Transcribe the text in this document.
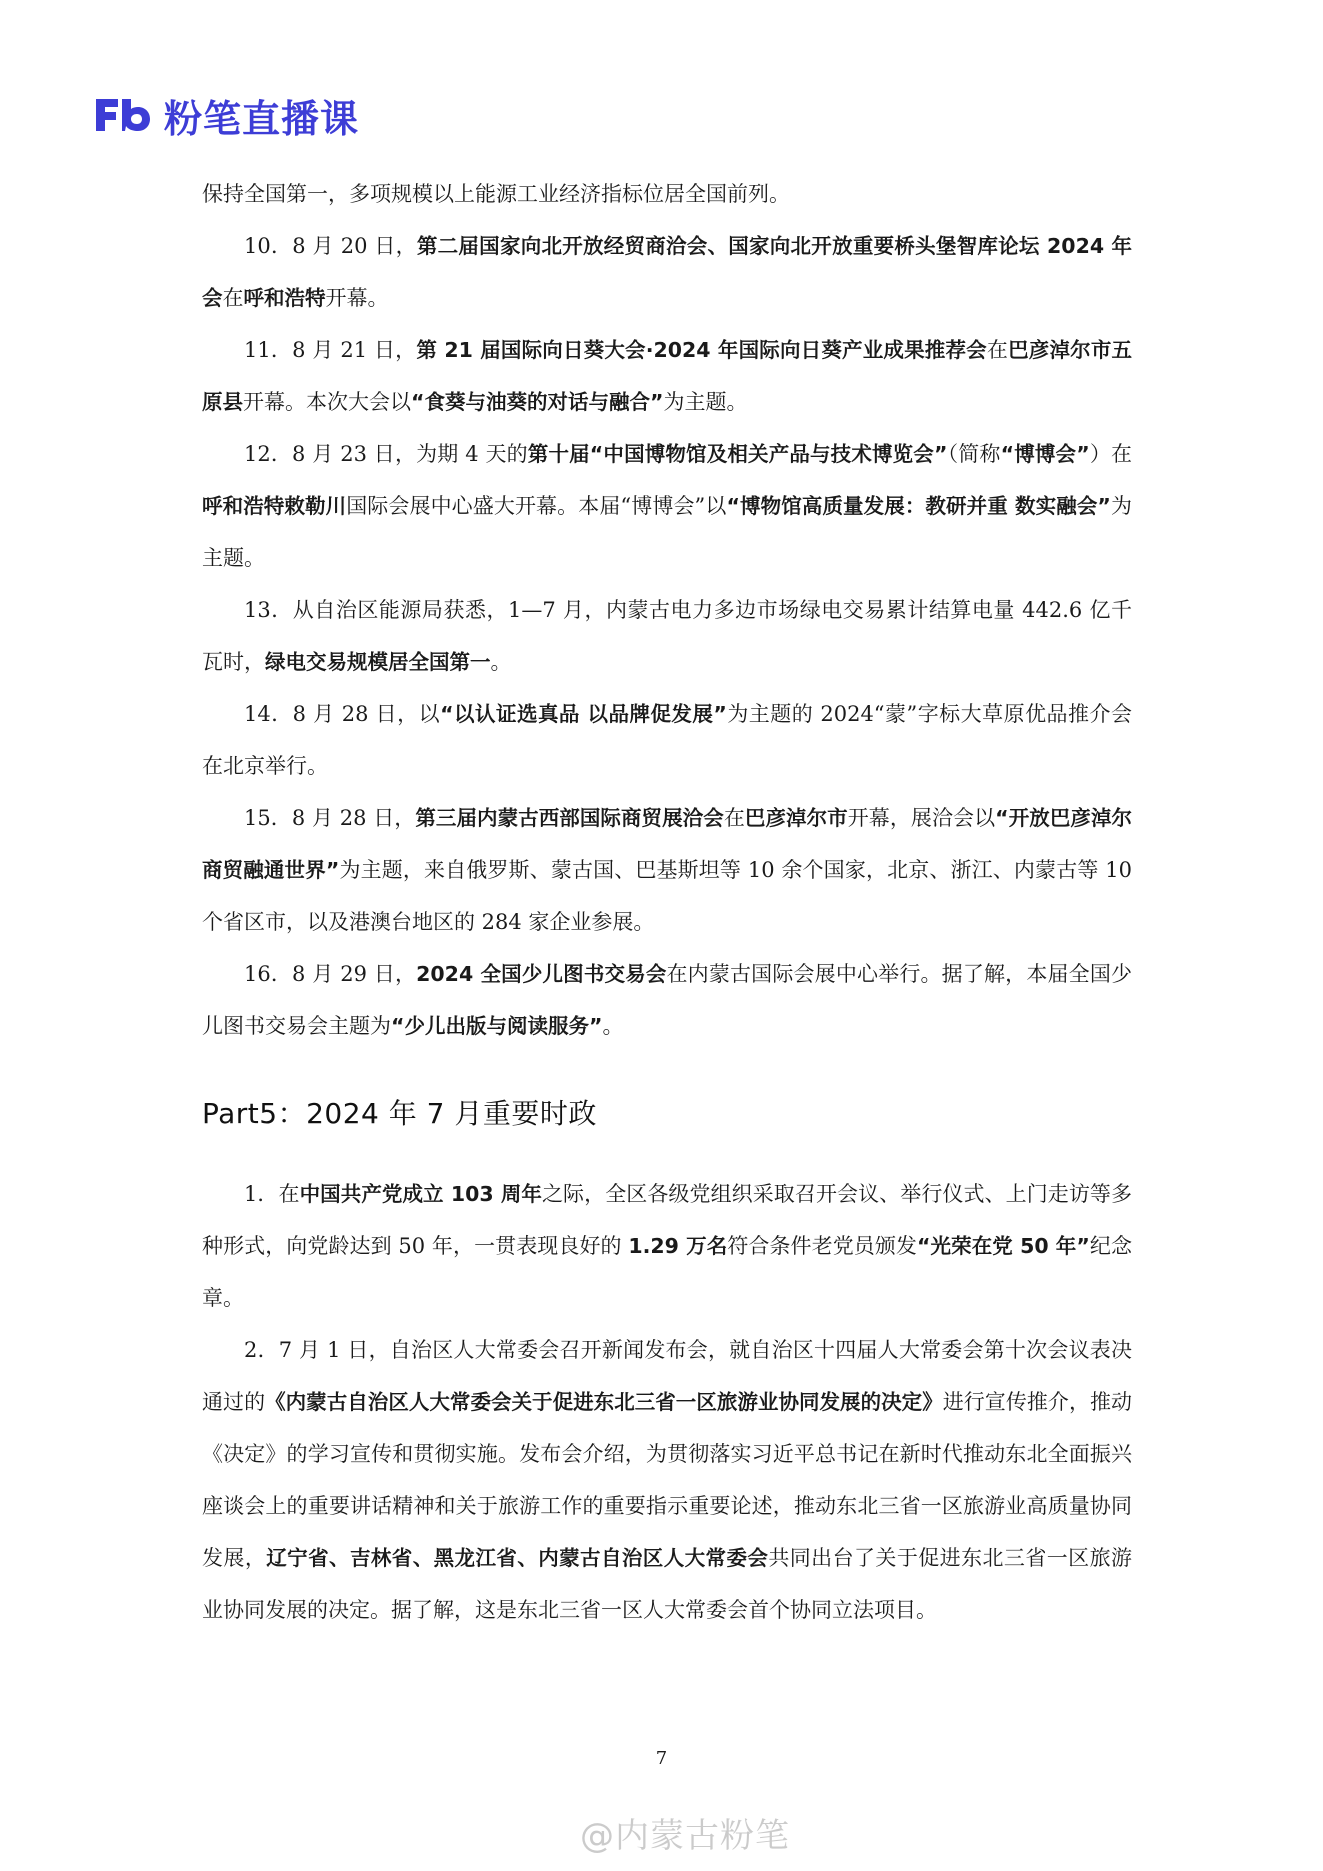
粉笔直播课

保持全国第一，多项规模以上能源工业经济指标位居全国前列。

10．8 月 20 日，第二届国家向北开放经贸商洽会、国家向北开放重要桥头堡智库论坛 2024 年会在呼和浩特开幕。

11．8 月 21 日，第 21 届国际向日葵大会·2024 年国际向日葵产业成果推荐会在巴彦淖尔市五原县开幕。本次大会以“食葵与油葵的对话与融合”为主题。

12．8 月 23 日，为期 4 天的第十届“中国博物馆及相关产品与技术博览会”（简称“博博会”）在呼和浩特敕勒川国际会展中心盛大开幕。本届“博博会”以“博物馆高质量发展：教研并重 数实融会”为主题。

13．从自治区能源局获悉，1—7 月，内蒙古电力多边市场绿电交易累计结算电量 442.6 亿千瓦时，绿电交易规模居全国第一。

14．8 月 28 日，以“以认证选真品 以品牌促发展”为主题的 2024“蒙”字标大草原优品推介会在北京举行。

15．8 月 28 日，第三届内蒙古西部国际商贸展洽会在巴彦淖尔市开幕，展洽会以“开放巴彦淖尔 商贸融通世界”为主题，来自俄罗斯、蒙古国、巴基斯坦等 10 余个国家，北京、浙江、内蒙古等 10 个省区市，以及港澳台地区的 284 家企业参展。

16．8 月 29 日，2024 全国少儿图书交易会在内蒙古国际会展中心举行。据了解，本届全国少儿图书交易会主题为“少儿出版与阅读服务”。

Part5：2024 年 7 月重要时政

1．在中国共产党成立 103 周年之际，全区各级党组织采取召开会议、举行仪式、上门走访等多种形式，向党龄达到 50 年，一贯表现良好的 1.29 万名符合条件老党员颁发“光荣在党 50 年”纪念章。

2．7 月 1 日，自治区人大常委会召开新闻发布会，就自治区十四届人大常委会第十次会议表决通过的《内蒙古自治区人大常委会关于促进东北三省一区旅游业协同发展的决定》进行宣传推介，推动《决定》的学习宣传和贯彻实施。发布会介绍，为贯彻落实习近平总书记在新时代推动东北全面振兴座谈会上的重要讲话精神和关于旅游工作的重要指示重要论述，推动东北三省一区旅游业高质量协同发展，辽宁省、吉林省、黑龙江省、内蒙古自治区人大常委会共同出台了关于促进东北三省一区旅游业协同发展的决定。据了解，这是东北三省一区人大常委会首个协同立法项目。

7
@内蒙古粉笔
